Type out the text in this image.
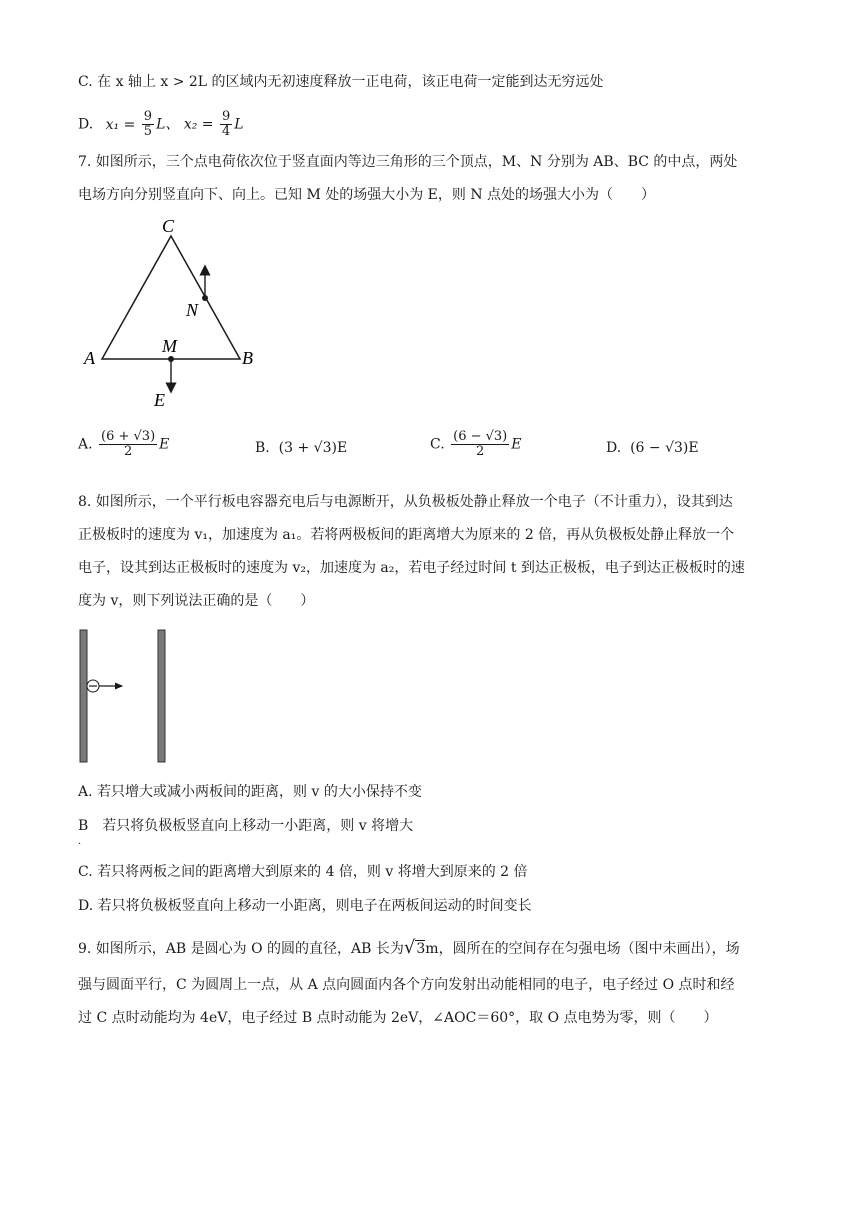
C. 在 x 轴上 x > 2L 的区域内无初速度释放一正电荷，该正电荷一定能到达无穷远处
D. $x_1 = \frac{9}{5}$ L、 $x_2 = \frac{9}{4}$ L
7. 如图所示，三个点电荷依次位于竖直面内等边三角形的三个顶点，M、N 分别为 AB、BC 的中点，两处
电场方向分别竖直向下、向上。已知 M 处的场强大小为 E，则 N 点处的场强大小为（　　）
C
N
A
M
B
E
A. $\frac{(6 + √3)}{2}$ E	B. (3 + √3)E	C. $\frac{(6 - √3)}{2}$ E	D. (6 − √3)E
8. 如图所示，一个平行板电容器充电后与电源断开，从负极板处静止释放一个电子（不计重力），设其到达
正极板时的速度为 v₁，加速度为 a₁。若将两极板间的距离增大为原来的 2 倍，再从负极板处静止释放一个
电子，设其到达正极板时的速度为 v₂，加速度为 a₂，若电子经过时间 t 到达正极板，电子到达正极板时的速
度为 v，则下列说法正确的是（　　）
A. 若只增大或减小两板间的距离，则 v 的大小保持不变
B　若只将负极板竖直向上移动一小距离，则 v 将增大
.
C. 若只将两板之间的距离增大到原来的 4 倍，则 v 将增大到原来的 2 倍
D. 若只将负极板竖直向上移动一小距离，则电子在两板间运动的时间变长
9. 如图所示，AB 是圆心为 O 的圆的直径，AB 长为√3m，圆所在的空间存在匀强电场（图中未画出），场
强与圆面平行，C 为圆周上一点，从 A 点向圆面内各个方向发射出动能相同的电子，电子经过 O 点时和经
过 C 点时动能均为 4eV，电子经过 B 点时动能为 2eV，∠AOC＝60°，取 O 点电势为零，则（　　）
